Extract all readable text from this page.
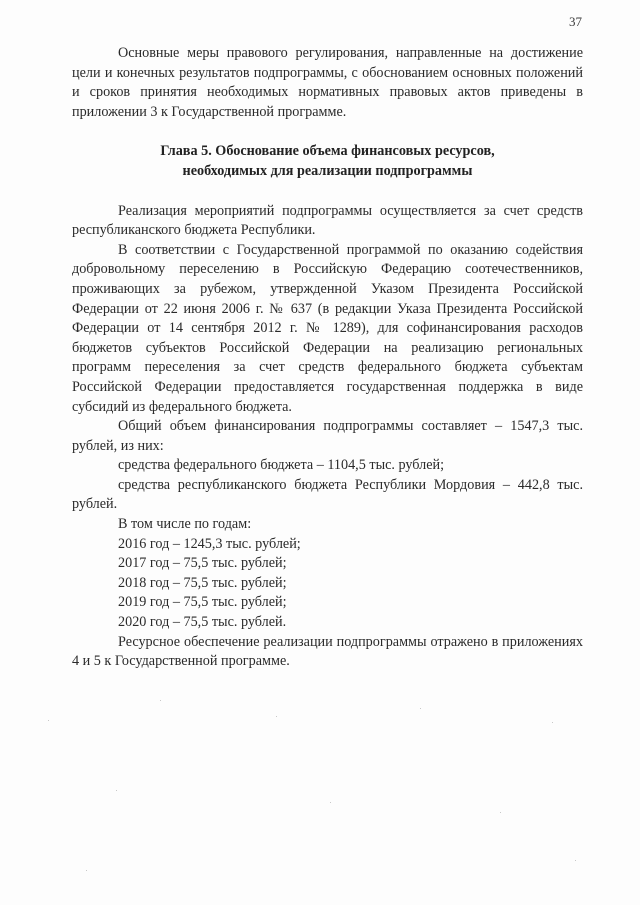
37

Основные меры правового регулирования, направленные на достижение цели и конечных результатов подпрограммы, с обоснованием основных положений и сроков принятия необходимых нормативных правовых актов приведены в приложении 3 к Государственной программе.

Глава 5. Обоснование объема финансовых ресурсов,
необходимых для реализации подпрограммы

Реализация мероприятий подпрограммы осуществляется за счет средств республиканского бюджета Республики.

В соответствии с Государственной программой по оказанию содействия добровольному переселению в Российскую Федерацию соотечественников, проживающих за рубежом, утвержденной Указом Президента Российской Федерации от 22 июня 2006 г. № 637 (в редакции Указа Президента Российской Федерации от 14 сентября 2012 г. № 1289), для софинансирования расходов бюджетов субъектов Российской Федерации на реализацию региональных программ переселения за счет средств федерального бюджета субъектам Российской Федерации предоставляется государственная поддержка в виде субсидий из федерального бюджета.

Общий объем финансирования подпрограммы составляет – 1547,3 тыс. рублей, из них:

средства федерального бюджета – 1104,5 тыс. рублей;

средства республиканского бюджета Республики Мордовия – 442,8 тыс. рублей.

В том числе по годам:

2016 год – 1245,3 тыс. рублей;
2017 год – 75,5 тыс. рублей;
2018 год – 75,5 тыс. рублей;
2019 год – 75,5 тыс. рублей;
2020 год – 75,5 тыс. рублей.

Ресурсное обеспечение реализации подпрограммы отражено в приложениях 4 и 5 к Государственной программе.
